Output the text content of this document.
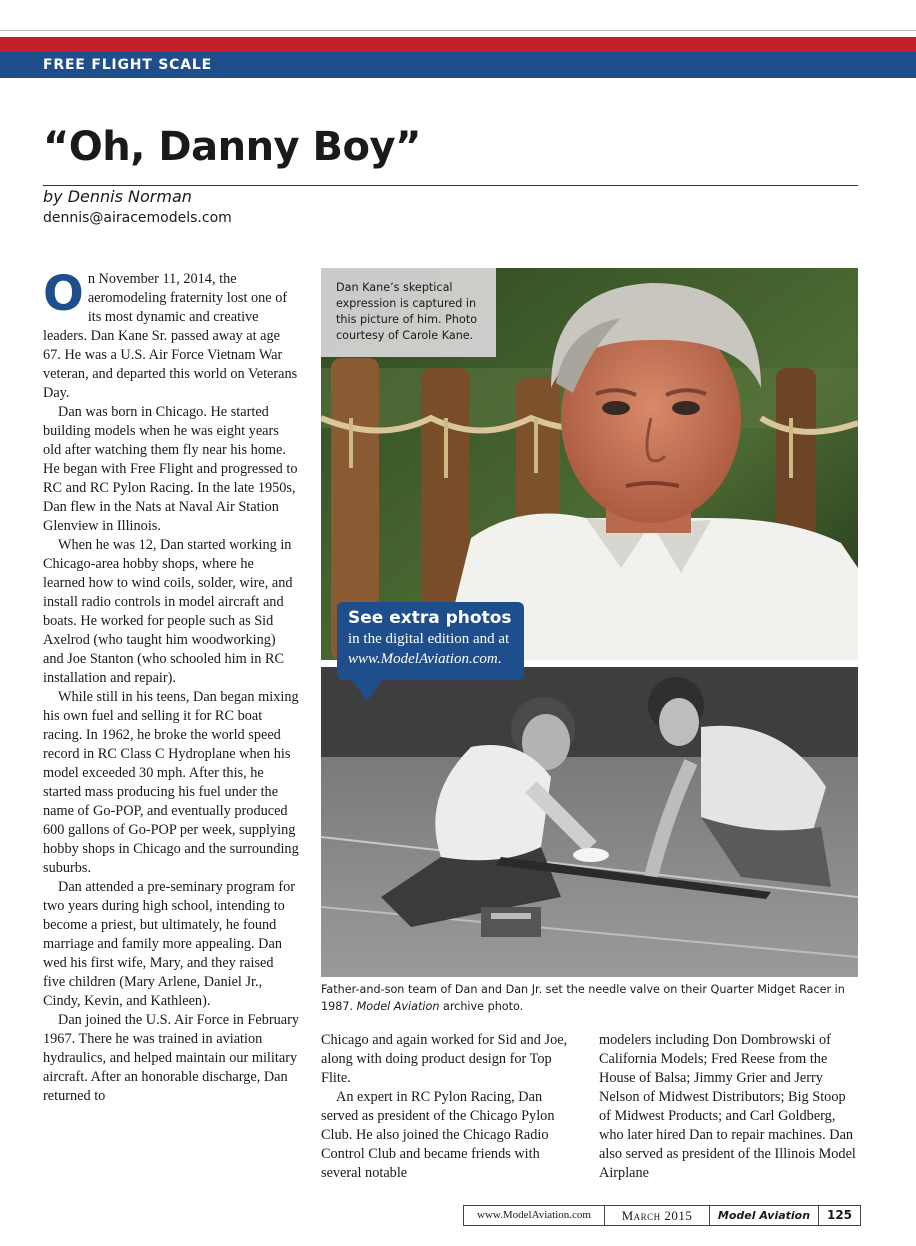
FREE FLIGHT SCALE
“Oh, Danny Boy”
by Dennis Norman
dennis@airacemodels.com

On November 11, 2014, the aeromodeling fraternity lost one of its most dynamic and creative leaders. Dan Kane Sr. passed away at age 67. He was a U.S. Air Force Vietnam War veteran, and departed this world on Veterans Day.

Dan was born in Chicago. He started building models when he was eight years old after watching them fly near his home. He began with Free Flight and progressed to RC and RC Pylon Racing. In the late 1950s, Dan flew in the Nats at Naval Air Station Glenview in Illinois.

When he was 12, Dan started working in Chicago-area hobby shops, where he learned how to wind coils, solder, wire, and install radio controls in model aircraft and boats. He worked for people such as Sid Axelrod (who taught him woodworking) and Joe Stanton (who schooled him in RC installation and repair).

While still in his teens, Dan began mixing his own fuel and selling it for RC boat racing. In 1962, he broke the world speed record in RC Class C Hydroplane when his model exceeded 30 mph. After this, he started mass producing his fuel under the name of Go-POP, and eventually produced 600 gallons of Go-POP per week, supplying hobby shops in Chicago and the surrounding suburbs.

Dan attended a pre-seminary program for two years during high school, intending to become a priest, but ultimately, he found marriage and family more appealing. Dan wed his first wife, Mary, and they raised five children (Mary Arlene, Daniel Jr., Cindy, Kevin, and Kathleen).

Dan joined the U.S. Air Force in February 1967. There he was trained in aviation hydraulics, and helped maintain our military aircraft. After an honorable discharge, Dan returned to

Dan Kane’s skeptical expression is captured in this picture of him. Photo courtesy of Carole Kane.
See extra photos in the digital edition and at www.ModelAviation.com.
Father-and-son team of Dan and Dan Jr. set the needle valve on their Quarter Midget Racer in 1987. Model Aviation archive photo.

Chicago and again worked for Sid and Joe, along with doing product design for Top Flite.

An expert in RC Pylon Racing, Dan served as president of the Chicago Pylon Club. He also joined the Chicago Radio Control Club and became friends with several notable

modelers including Don Dombrowski of California Models; Fred Reese from the House of Balsa; Jimmy Grier and Jerry Nelson of Midwest Distributors; Big Stoop of Midwest Products; and Carl Goldberg, who later hired Dan to repair machines. Dan also served as president of the Illinois Model Airplane

www.ModelAviation.com	March 2015	Model Aviation	125
